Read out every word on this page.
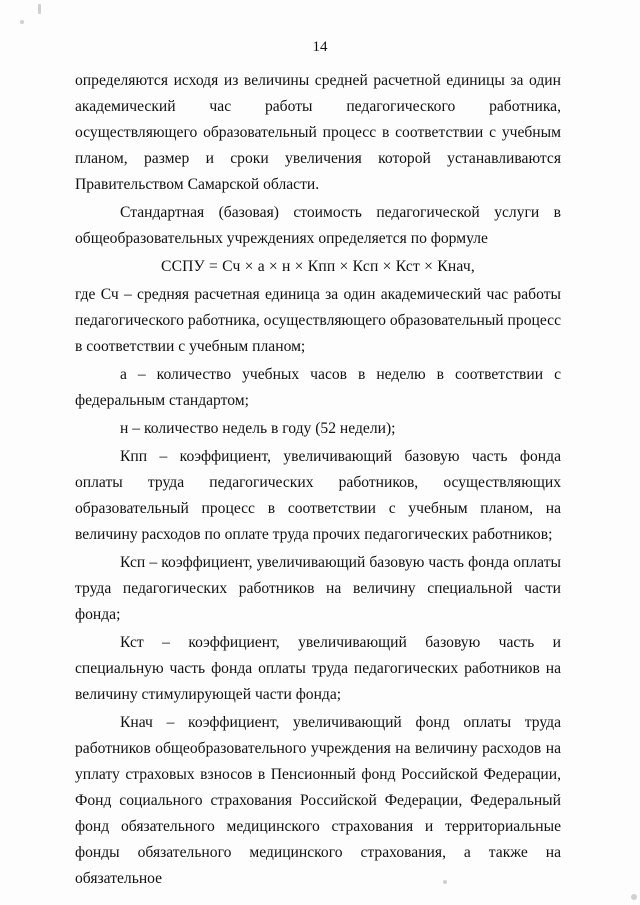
14

определяются исходя из величины средней расчетной единицы за один академический час работы педагогического работника, осуществляющего образовательный процесс в соответствии с учебным планом, размер и сроки увеличения которой устанавливаются Правительством Самарской области.

Стандартная (базовая) стоимость педагогической услуги в общеобразовательных учреждениях определяется по формуле

ССПУ = Сч × а × н × Кпп × Ксп × Кст × Кнач,

где Сч – средняя расчетная единица за один академический час работы педагогического работника, осуществляющего образовательный процесс в соответствии с учебным планом;

а – количество учебных часов в неделю в соответствии с федеральным стандартом;

н – количество недель в году (52 недели);

Кпп – коэффициент, увеличивающий базовую часть фонда оплаты труда педагогических работников, осуществляющих образовательный процесс в соответствии с учебным планом, на величину расходов по оплате труда прочих педагогических работников;

Ксп – коэффициент, увеличивающий базовую часть фонда оплаты труда педагогических работников на величину специальной части фонда;

Кст – коэффициент, увеличивающий базовую часть и специальную часть фонда оплаты труда педагогических работников на величину стимулирующей части фонда;

Кнач – коэффициент, увеличивающий фонд оплаты труда работников общеобразовательного учреждения на величину расходов на уплату страховых взносов в Пенсионный фонд Российской Федерации, Фонд социального страхования Российской Федерации, Федеральный фонд обязательного медицинского страхования и территориальные фонды обязательного медицинского страхования, а также на обязательное
